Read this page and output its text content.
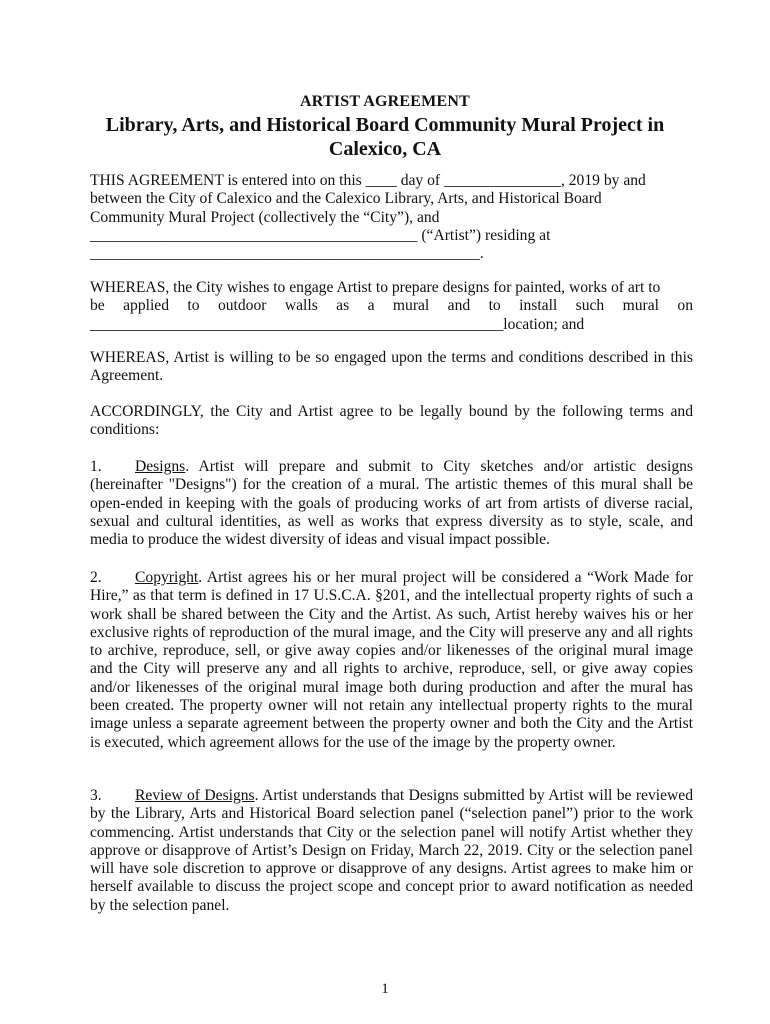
ARTIST AGREEMENT
Library, Arts, and Historical Board Community Mural Project in
Calexico, CA
THIS AGREEMENT is entered into on this ____ day of _______________, 2019 by and
between the City of Calexico and the Calexico Library, Arts, and Historical Board
Community Mural Project (collectively the “City”), and
__________________________________________ (“Artist”) residing at
__________________________________________________.
WHEREAS, the City wishes to engage Artist to prepare designs for painted, works of art to
be applied to outdoor walls as a mural and to install such mural on
_____________________________________________________location; and
WHEREAS, Artist is willing to be so engaged upon the terms and conditions described in this Agreement.
ACCORDINGLY, the City and Artist agree to be legally bound by the following terms and conditions:
1. Designs. Artist will prepare and submit to City sketches and/or artistic designs (hereinafter "Designs") for the creation of a mural. The artistic themes of this mural shall be open-ended in keeping with the goals of producing works of art from artists of diverse racial, sexual and cultural identities, as well as works that express diversity as to style, scale, and media to produce the widest diversity of ideas and visual impact possible.
2. Copyright. Artist agrees his or her mural project will be considered a “Work Made for Hire,” as that term is defined in 17 U.S.C.A. §201, and the intellectual property rights of such a work shall be shared between the City and the Artist. As such, Artist hereby waives his or her exclusive rights of reproduction of the mural image, and the City will preserve any and all rights to archive, reproduce, sell, or give away copies and/or likenesses of the original mural image and the City will preserve any and all rights to archive, reproduce, sell, or give away copies and/or likenesses of the original mural image both during production and after the mural has been created. The property owner will not retain any intellectual property rights to the mural image unless a separate agreement between the property owner and both the City and the Artist is executed, which agreement allows for the use of the image by the property owner.
3. Review of Designs. Artist understands that Designs submitted by Artist will be reviewed by the Library, Arts and Historical Board selection panel (“selection panel”) prior to the work commencing. Artist understands that City or the selection panel will notify Artist whether they approve or disapprove of Artist’s Design on Friday, March 22, 2019. City or the selection panel will have sole discretion to approve or disapprove of any designs. Artist agrees to make him or herself available to discuss the project scope and concept prior to award notification as needed by the selection panel.
1
